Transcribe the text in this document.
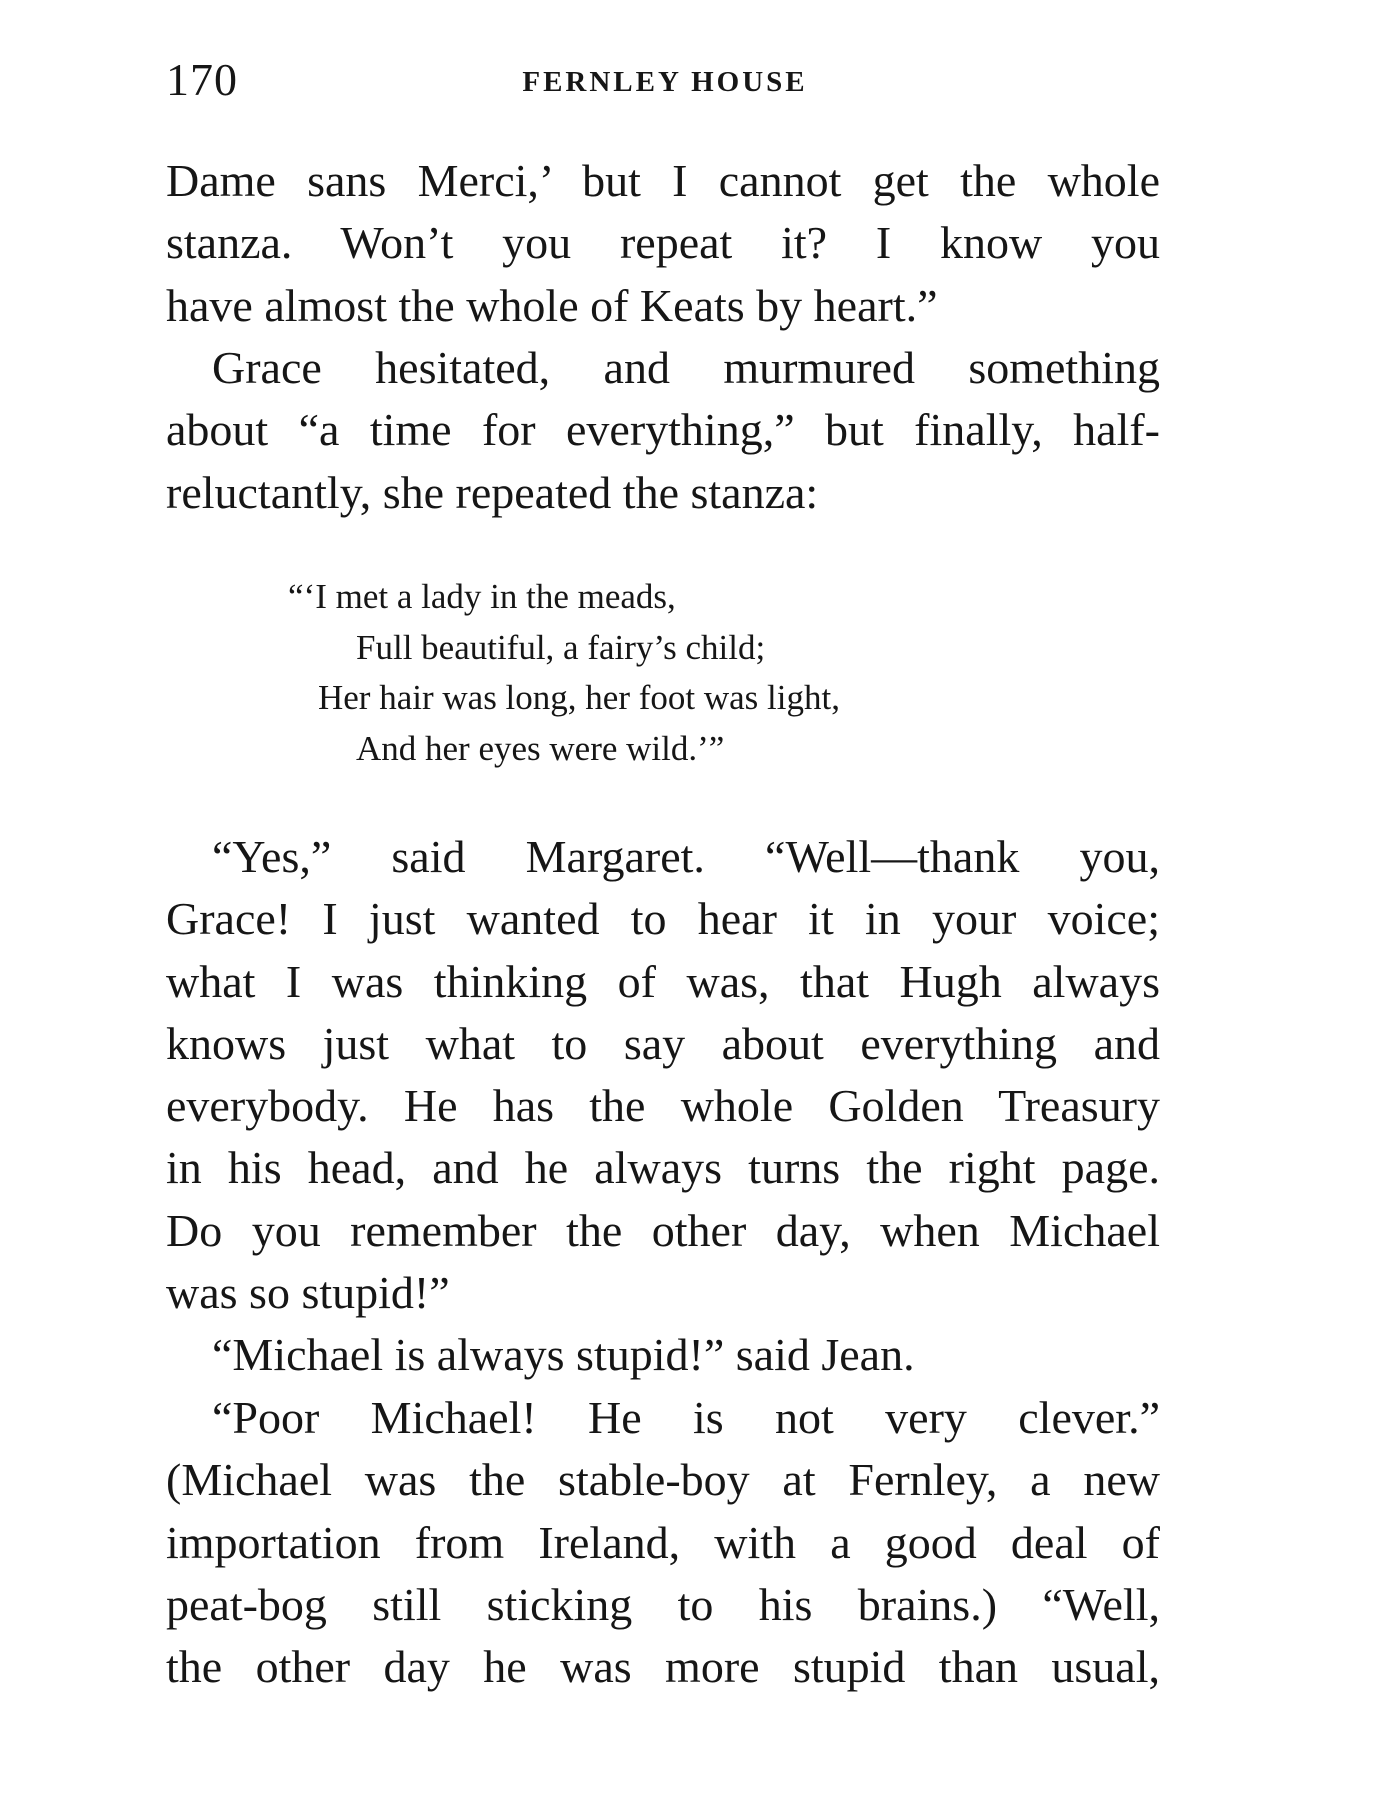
170	FERNLEY HOUSE
Dame sans Merci,’ but I cannot get the whole
stanza. Won’t you repeat it? I know you
have almost the whole of Keats by heart.”
Grace hesitated, and murmured something
about “a time for everything,” but finally, half-
reluctantly, she repeated the stanza:
“‘I met a lady in the meads,
Full beautiful, a fairy’s child;
Her hair was long, her foot was light,
And her eyes were wild.’”
“Yes,” said Margaret. “Well—thank you,
Grace! I just wanted to hear it in your voice;
what I was thinking of was, that Hugh always
knows just what to say about everything and
everybody. He has the whole Golden Treasury
in his head, and he always turns the right page.
Do you remember the other day, when Michael
was so stupid!”
“Michael is always stupid!” said Jean.
“Poor Michael! He is not very clever.”
(Michael was the stable-boy at Fernley, a new
importation from Ireland, with a good deal of
peat-bog still sticking to his brains.) “Well,
the other day he was more stupid than usual,
